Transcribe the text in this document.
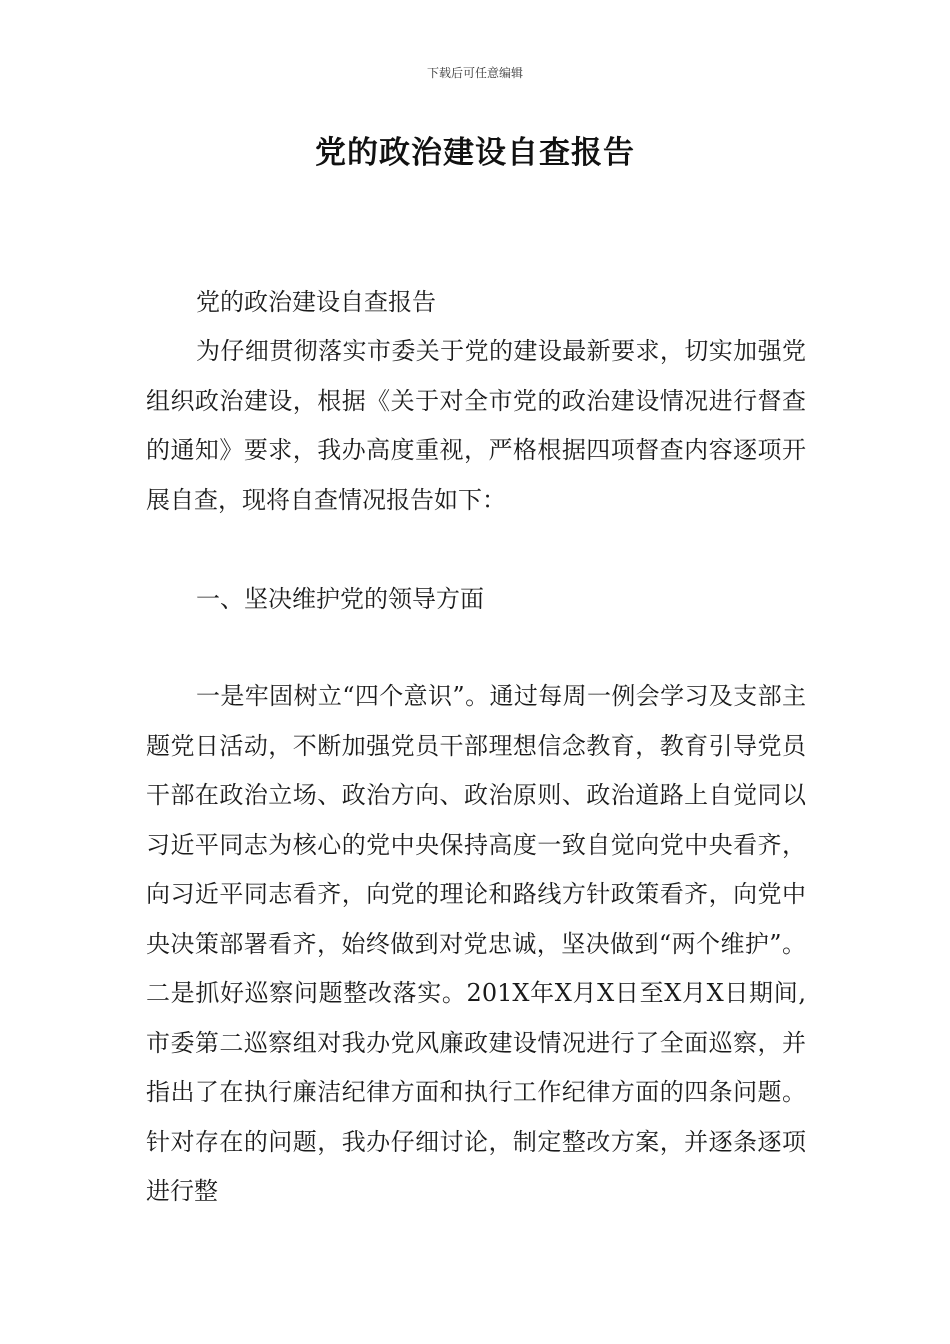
下载后可任意编辑
党的政治建设自查报告
党的政治建设自查报告
为仔细贯彻落实市委关于党的建设最新要求，切实加强党组织政治建设，根据《关于对全市党的政治建设情况进行督查的通知》要求，我办高度重视，严格根据四项督查内容逐项开展自查，现将自查情况报告如下：
一、坚决维护党的领导方面
一是牢固树立“四个意识”。通过每周一例会学习及支部主题党日活动，不断加强党员干部理想信念教育，教育引导党员干部在政治立场、政治方向、政治原则、政治道路上自觉同以习近平同志为核心的党中央保持高度一致自觉向党中央看齐，向习近平同志看齐，向党的理论和路线方针政策看齐，向党中央决策部署看齐，始终做到对党忠诚，坚决做到“两个维护”。二是抓好巡察问题整改落实。201X年X月X日至X月X日期间,市委第二巡察组对我办党风廉政建设情况进行了全面巡察，并指出了在执行廉洁纪律方面和执行工作纪律方面的四条问题。针对存在的问题，我办仔细讨论，制定整改方案，并逐条逐项进行整
